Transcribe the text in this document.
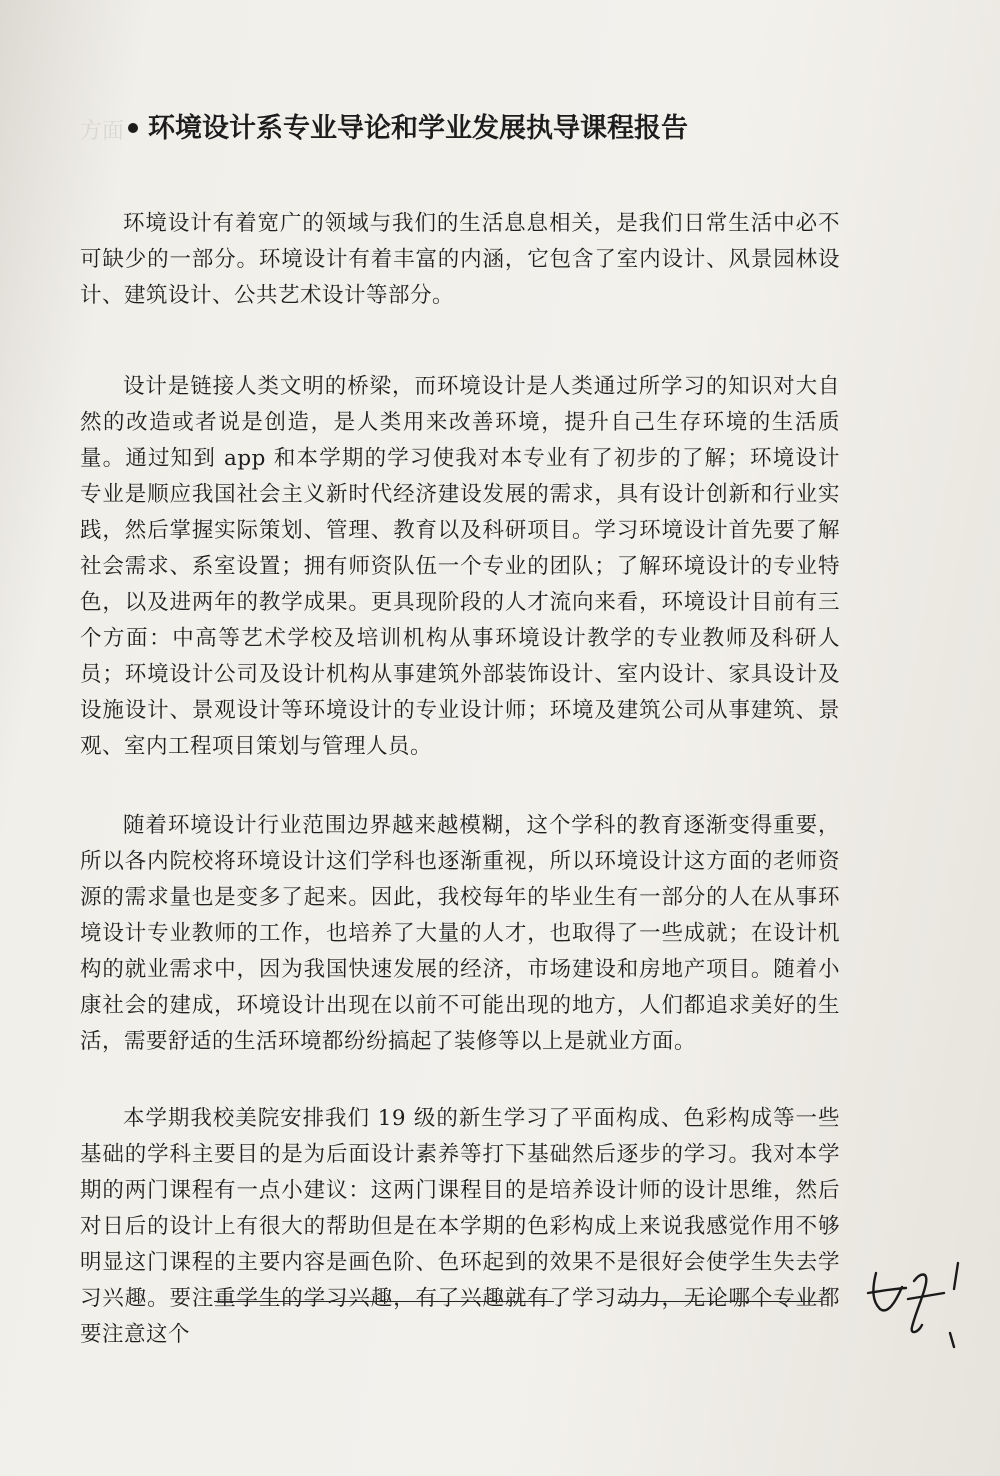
方面
环境设计系专业导论和学业发展执导课程报告

环境设计有着宽广的领域与我们的生活息息相关，是我们日常生活中必不可缺少的一部分。环境设计有着丰富的内涵，它包含了室内设计、风景园林设计、建筑设计、公共艺术设计等部分。

设计是链接人类文明的桥梁，而环境设计是人类通过所学习的知识对大自然的改造或者说是创造，是人类用来改善环境，提升自己生存环境的生活质量。通过知到 app 和本学期的学习使我对本专业有了初步的了解；环境设计专业是顺应我国社会主义新时代经济建设发展的需求，具有设计创新和行业实践，然后掌握实际策划、管理、教育以及科研项目。学习环境设计首先要了解社会需求、系室设置；拥有师资队伍一个专业的团队；了解环境设计的专业特色，以及进两年的教学成果。更具现阶段的人才流向来看，环境设计目前有三个方面：中高等艺术学校及培训机构从事环境设计教学的专业教师及科研人员；环境设计公司及设计机构从事建筑外部装饰设计、室内设计、家具设计及设施设计、景观设计等环境设计的专业设计师；环境及建筑公司从事建筑、景观、室内工程项目策划与管理人员。

随着环境设计行业范围边界越来越模糊，这个学科的教育逐渐变得重要，所以各内院校将环境设计这们学科也逐渐重视，所以环境设计这方面的老师资源的需求量也是变多了起来。因此，我校每年的毕业生有一部分的人在从事环境设计专业教师的工作，也培养了大量的人才，也取得了一些成就；在设计机构的就业需求中，因为我国快速发展的经济，市场建设和房地产项目。随着小康社会的建成，环境设计出现在以前不可能出现的地方，人们都追求美好的生活，需要舒适的生活环境都纷纷搞起了装修等以上是就业方面。

本学期我校美院安排我们 19 级的新生学习了平面构成、色彩构成等一些基础的学科主要目的是为后面设计素养等打下基础然后逐步的学习。我对本学期的两门课程有一点小建议：这两门课程目的是培养设计师的设计思维，然后对日后的设计上有很大的帮助但是在本学期的色彩构成上来说我感觉作用不够明显这门课程的主要内容是画色阶、色环起到的效果不是很好会使学生失去学习兴趣。要注重学生的学习兴趣，有了兴趣就有了学习动力，无论哪个专业都要注意这个
